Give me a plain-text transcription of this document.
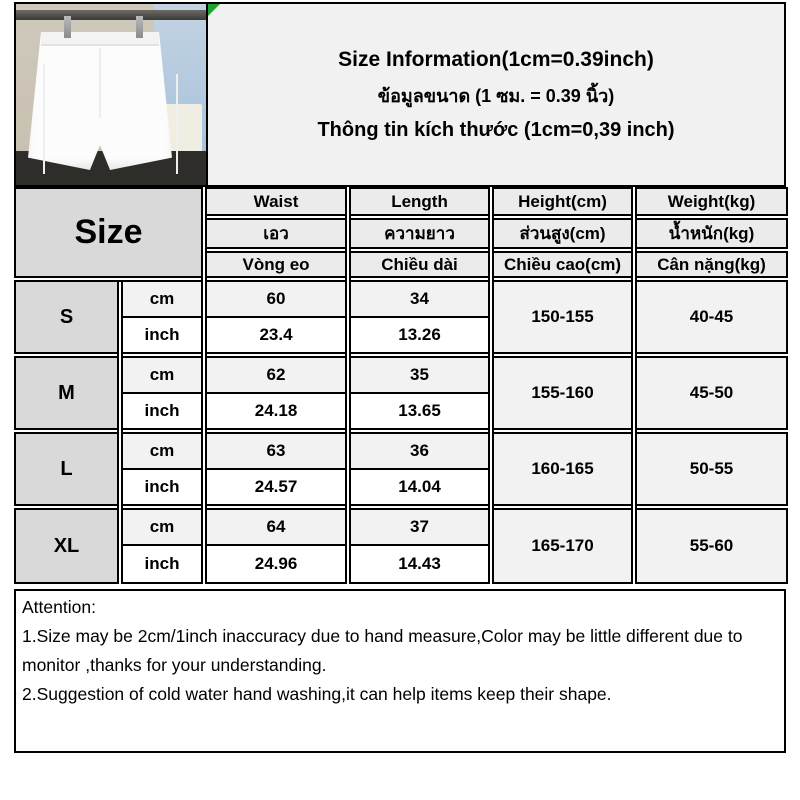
Size Information(1cm=0.39inch)
ข้อมูลขนาด (1 ซม. = 0.39 นิ้ว)
Thông tin kích thước (1cm=0,39 inch)
Size		Waist	Length	Height(cm)	Weight(kg)
		เอว	ความยาว	ส่วนสูง(cm)	น้ำหนัก(kg)
		Vòng eo	Chiều dài	Chiều cao(cm)	Cân nặng(kg)
S	cm	60	34	150-155	40-45
	inch	23.4	13.26		
M	cm	62	35	155-160	45-50
	inch	24.18	13.65		
L	cm	63	36	160-165	50-55
	inch	24.57	14.04		
XL	cm	64	37	165-170	55-60
	inch	24.96	14.43		
Attention:
1.Size may be 2cm/1inch inaccuracy due to hand measure,Color may be little different due to monitor ,thanks for your understanding.
2.Suggestion of cold water hand washing,it can help items keep their shape.
